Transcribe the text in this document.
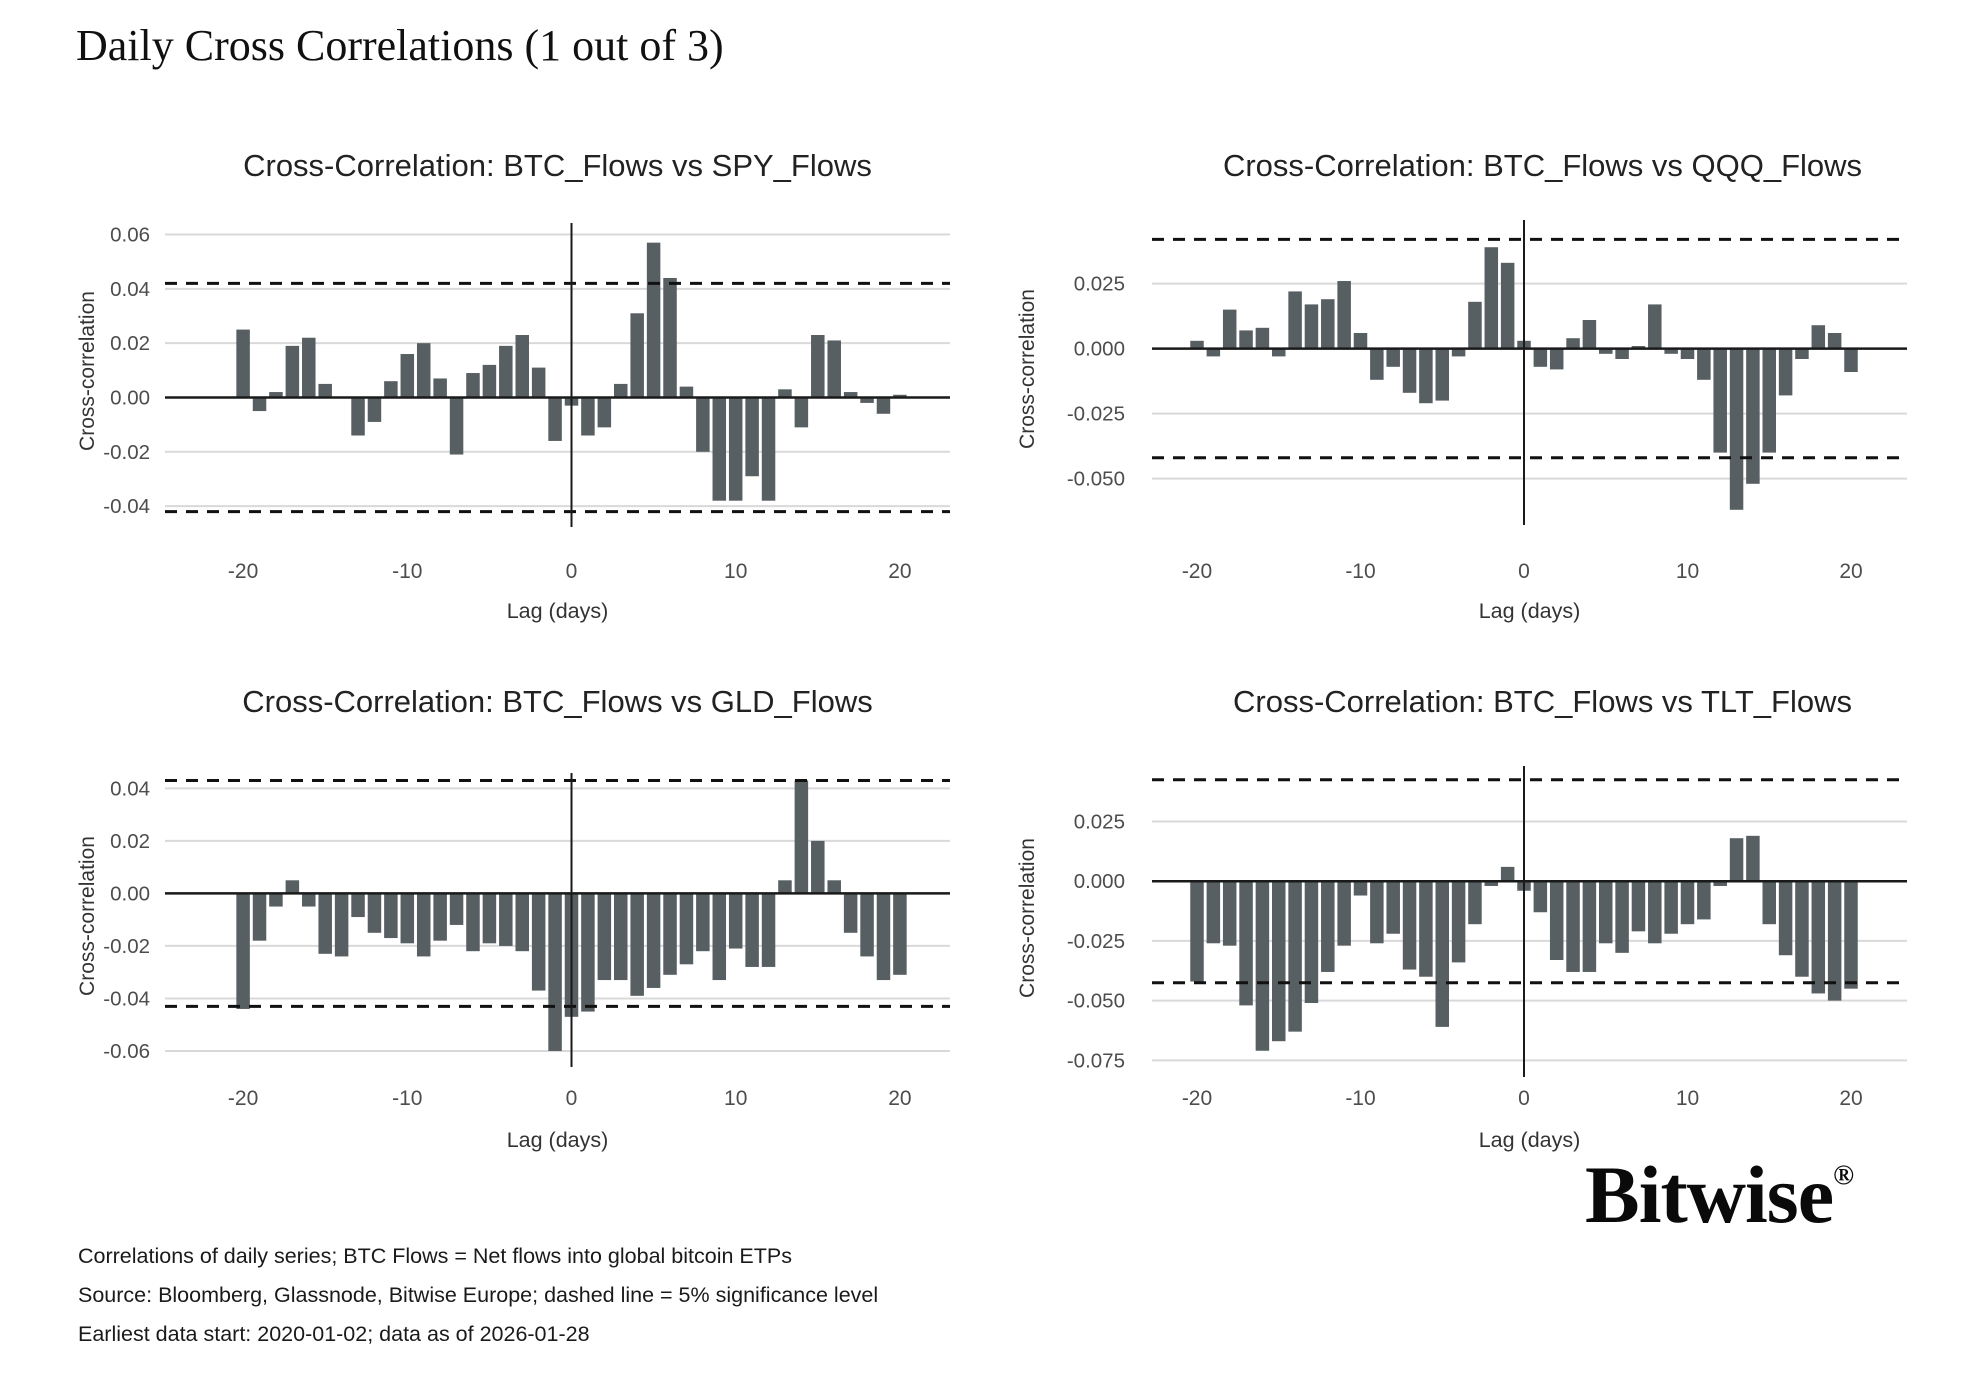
Daily Cross Correlations (1 out of 3)
Cross-Correlation: BTC_Flows vs SPY_Flows	Cross-Correlation: BTC_Flows vs QQQ_Flows
Cross-Correlation: BTC_Flows vs GLD_Flows	Cross-Correlation: BTC_Flows vs TLT_Flows
Cross-correlation	Cross-correlation
Cross-correlation	Cross-correlation
0.06
0.04
0.02
0.00
-0.02
-0.04
-20	-10	0	10	20
Lag (days)
0.025
0.000
-0.025
-0.050
-20	-10	0	10	20
Lag (days)
0.04
0.02
0.00
-0.02
-0.04
-0.06
-20	-10	0	10	20
Lag (days)
0.025
0.000
-0.025
-0.050
-0.075
-20	-10	0	10	20
Lag (days)
Bitwise®
Correlations of daily series; BTC Flows = Net flows into global bitcoin ETPs
Source: Bloomberg, Glassnode, Bitwise Europe; dashed line = 5% significance level
Earliest data start: 2020-01-02; data as of 2026-01-28
